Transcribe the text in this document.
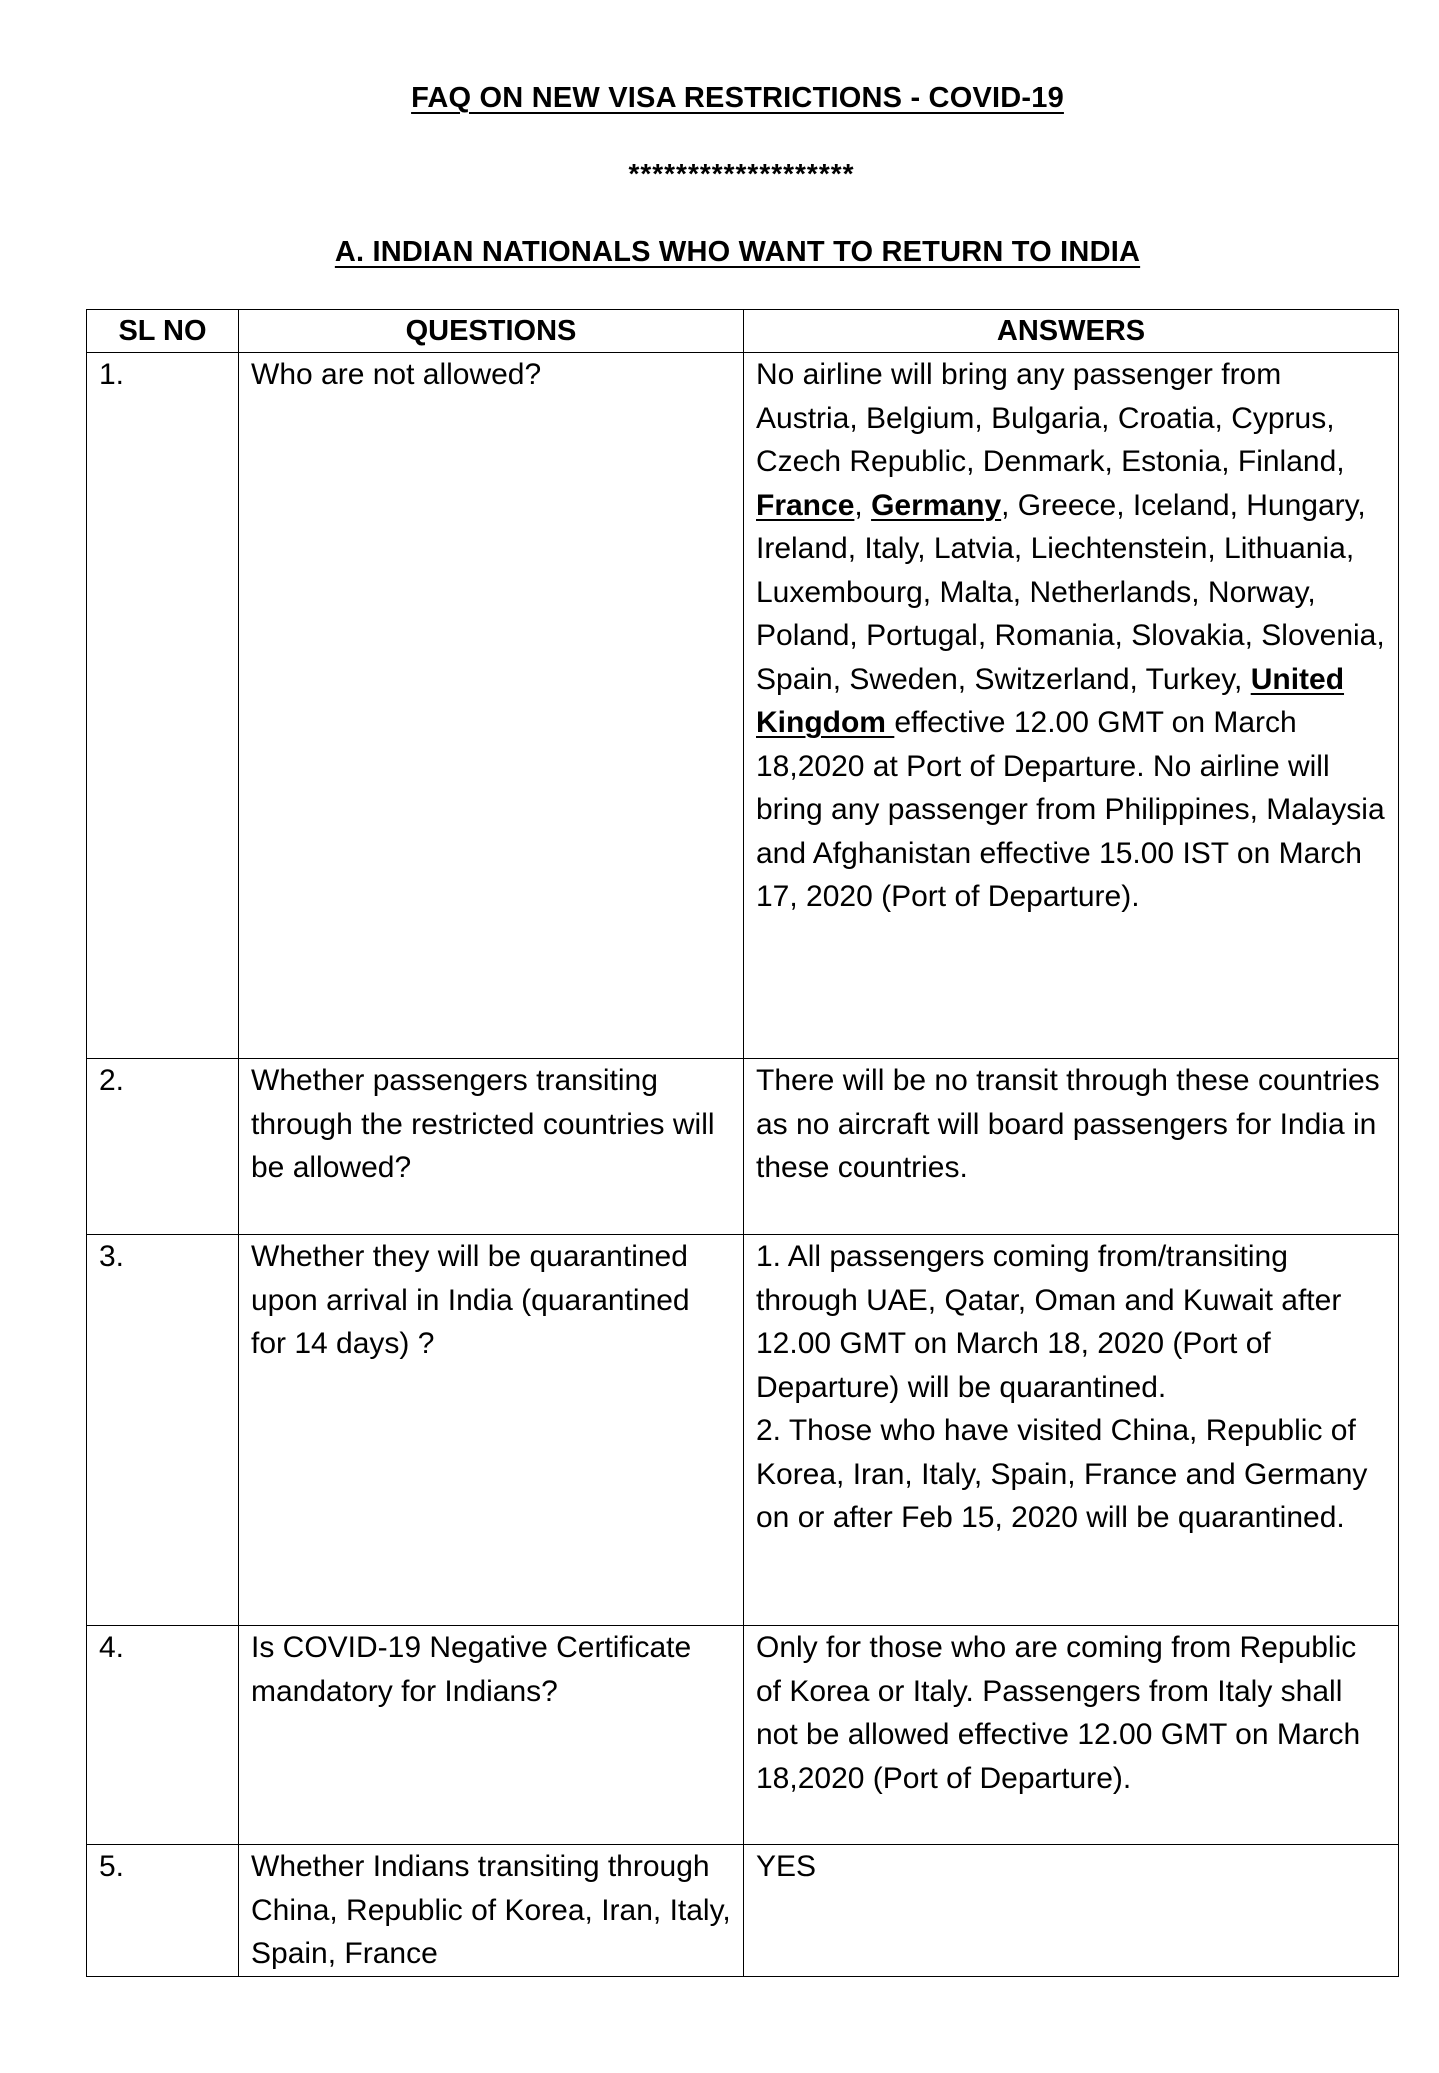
FAQ ON NEW VISA RESTRICTIONS - COVID-19
*******************
A. INDIAN NATIONALS WHO WANT TO RETURN TO INDIA
SL NO	QUESTIONS	ANSWERS
1.	Who are not allowed?	No airline will bring any passenger from Austria, Belgium, Bulgaria, Croatia, Cyprus, Czech Republic, Denmark, Estonia, Finland, France, Germany, Greece, Iceland, Hungary, Ireland, Italy, Latvia, Liechtenstein, Lithuania, Luxembourg, Malta, Netherlands, Norway, Poland, Portugal, Romania, Slovakia, Slovenia, Spain, Sweden, Switzerland, Turkey, United Kingdom effective 12.00 GMT on March 18,2020 at Port of Departure. No airline will bring any passenger from Philippines, Malaysia and Afghanistan effective 15.00 IST on March 17, 2020 (Port of Departure).
2.	Whether passengers transiting through the restricted countries will be allowed?	There will be no transit through these countries as no aircraft will board passengers for India in these countries.
3.	Whether they will be quarantined upon arrival in India (quarantined for 14 days) ?	1. All passengers coming from/transiting through UAE, Qatar, Oman and Kuwait after 12.00 GMT on March 18, 2020 (Port of Departure) will be quarantined.
2. Those who have visited China, Republic of Korea, Iran, Italy, Spain, France and Germany on or after Feb 15, 2020 will be quarantined.

4.	Is COVID-19 Negative Certificate mandatory for Indians?	Only for those who are coming from Republic of Korea or Italy. Passengers from Italy shall not be allowed effective 12.00 GMT on March 18,2020 (Port of Departure).
5.	Whether Indians transiting through China, Republic of Korea, Iran, Italy, Spain, France	YES
